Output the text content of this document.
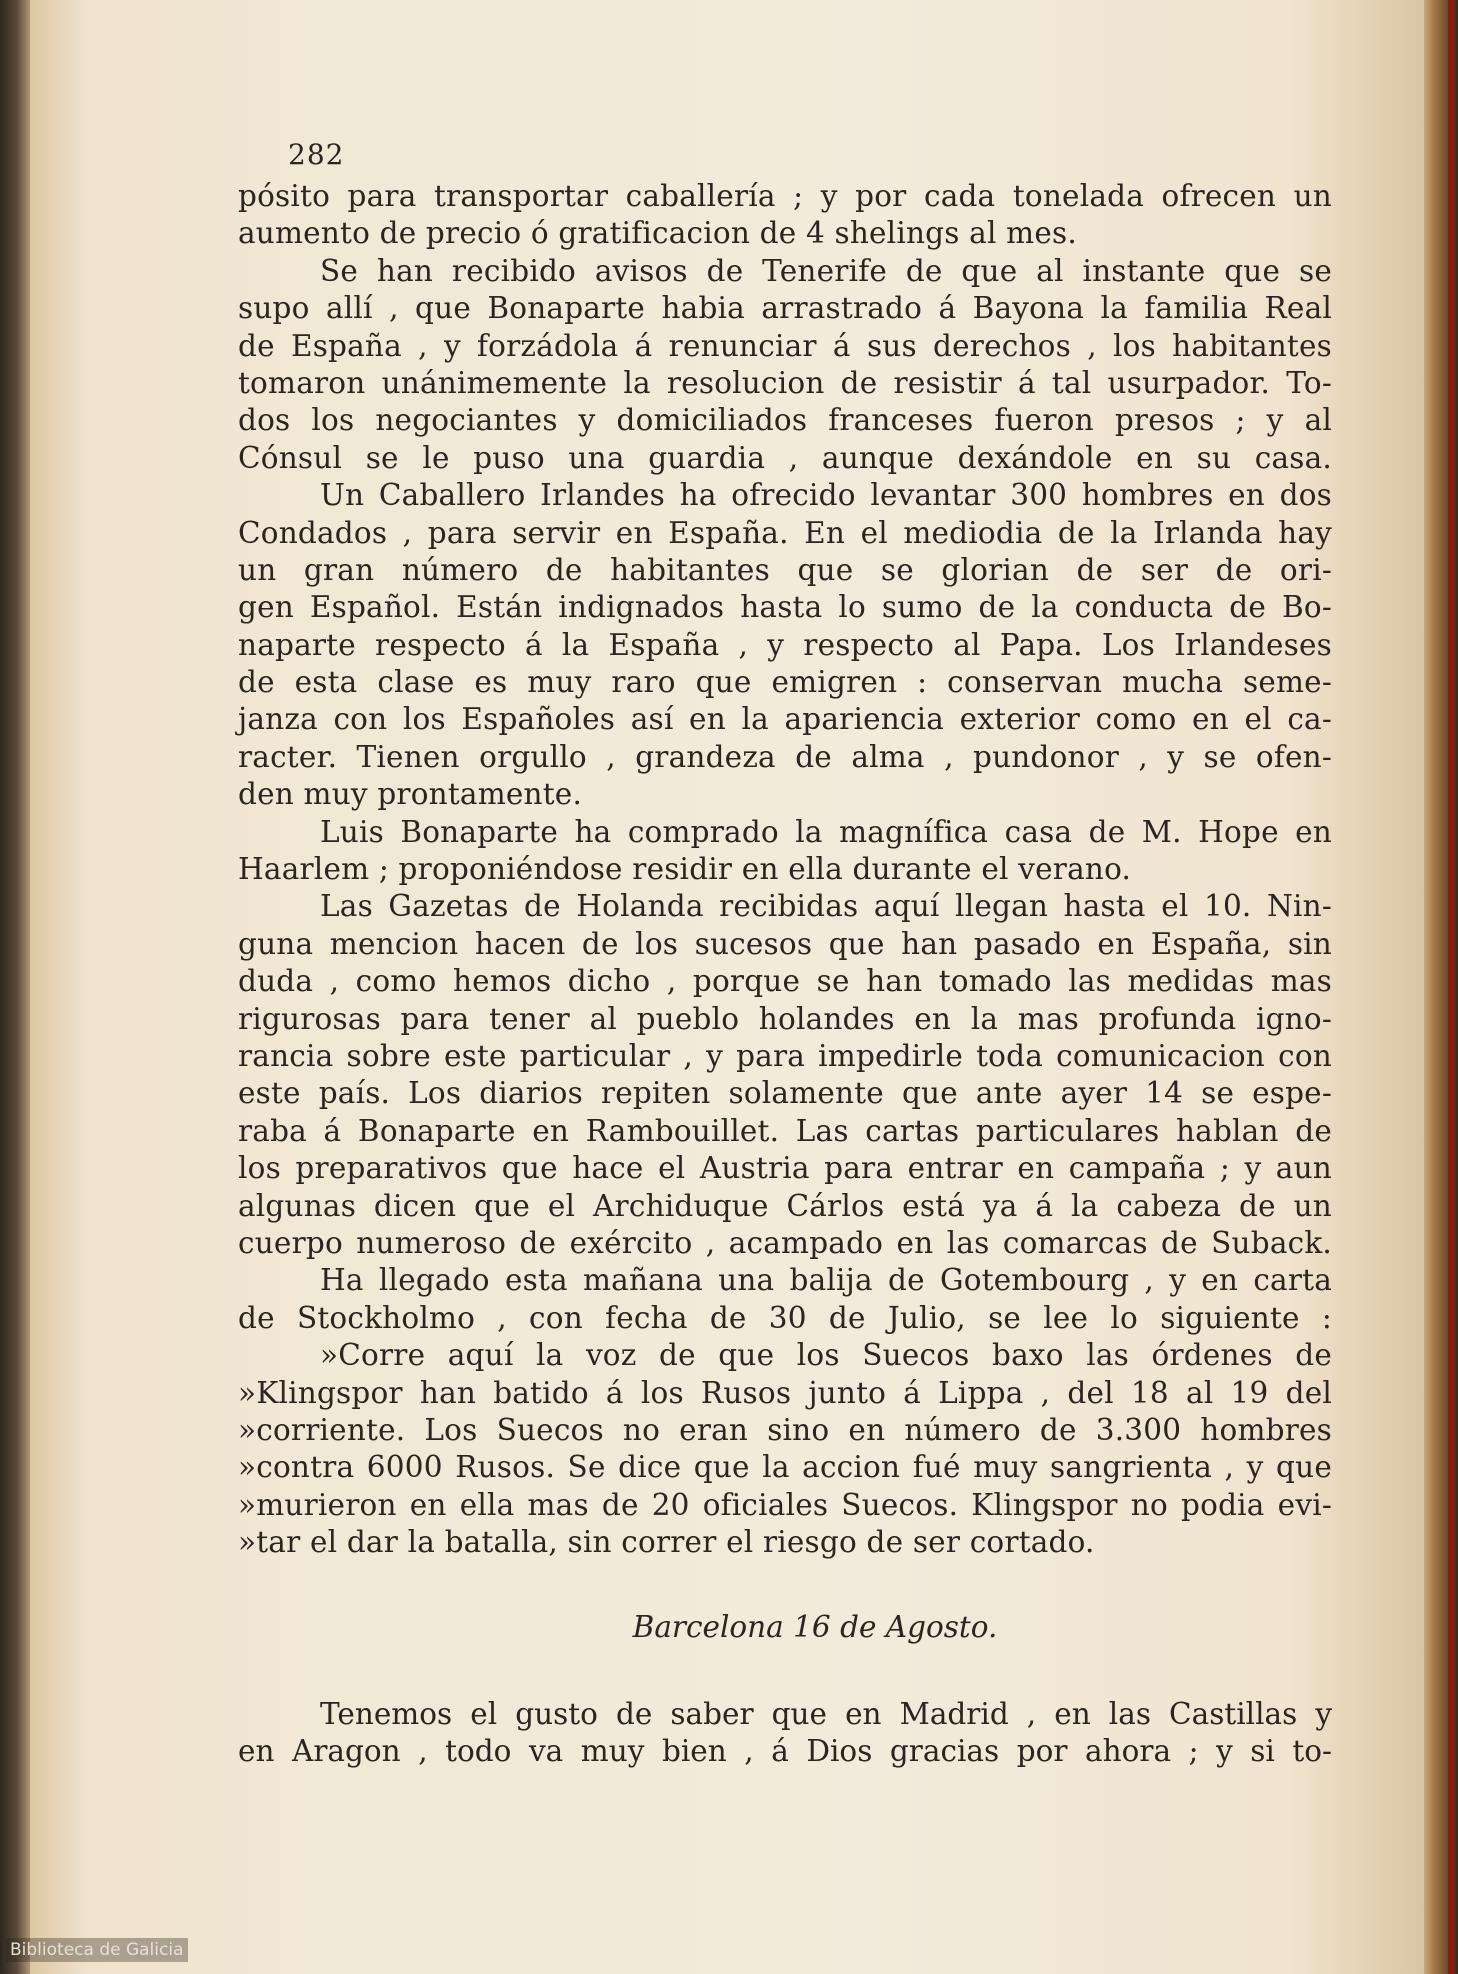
282
pósito para transportar caballería ; y por cada tonelada ofrecen un
aumento de precio ó gratificacion de 4 shelings al mes.
Se han recibido avisos de Tenerife de que al instante que se
supo allí , que Bonaparte habia arrastrado á Bayona la familia Real
de España , y forzádola á renunciar á sus derechos , los habitantes
tomaron unánimemente la resolucion de resistir á tal usurpador. To-
dos los negociantes y domiciliados franceses fueron presos ; y al
Cónsul se le puso una guardia , aunque dexándole en su casa.
Un Caballero Irlandes ha ofrecido levantar 300 hombres en dos
Condados , para servir en España. En el mediodia de la Irlanda hay
un gran número de habitantes que se glorian de ser de ori-
gen Español. Están indignados hasta lo sumo de la conducta de Bo-
naparte respecto á la España , y respecto al Papa. Los Irlandeses
de esta clase es muy raro que emigren : conservan mucha seme-
janza con los Españoles así en la apariencia exterior como en el ca-
racter. Tienen orgullo , grandeza de alma , pundonor , y se ofen-
den muy prontamente.
Luis Bonaparte ha comprado la magnífica casa de M. Hope en
Haarlem ; proponiéndose residir en ella durante el verano.
Las Gazetas de Holanda recibidas aquí llegan hasta el 10. Nin-
guna mencion hacen de los sucesos que han pasado en España, sin
duda , como hemos dicho , porque se han tomado las medidas mas
rigurosas para tener al pueblo holandes en la mas profunda igno-
rancia sobre este particular , y para impedirle toda comunicacion con
este país. Los diarios repiten solamente que ante ayer 14 se espe-
raba á Bonaparte en Rambouillet. Las cartas particulares hablan de
los preparativos que hace el Austria para entrar en campaña ; y aun
algunas dicen que el Archiduque Cárlos está ya á la cabeza de un
cuerpo numeroso de exército , acampado en las comarcas de Suback.
Ha llegado esta mañana una balija de Gotembourg , y en carta
de Stockholmo , con fecha de 30 de Julio, se lee lo siguiente :
»Corre aquí la voz de que los Suecos baxo las órdenes de
»Klingspor han batido á los Rusos junto á Lippa , del 18 al 19 del
»corriente. Los Suecos no eran sino en número de 3.300 hombres
»contra 6000 Rusos. Se dice que la accion fué muy sangrienta , y que
»murieron en ella mas de 20 oficiales Suecos. Klingspor no podia evi-
»tar el dar la batalla, sin correr el riesgo de ser cortado.
Barcelona 16 de Agosto.
Tenemos el gusto de saber que en Madrid , en las Castillas y
en Aragon , todo va muy bien , á Dios gracias por ahora ; y si to-
Biblioteca de Galicia
